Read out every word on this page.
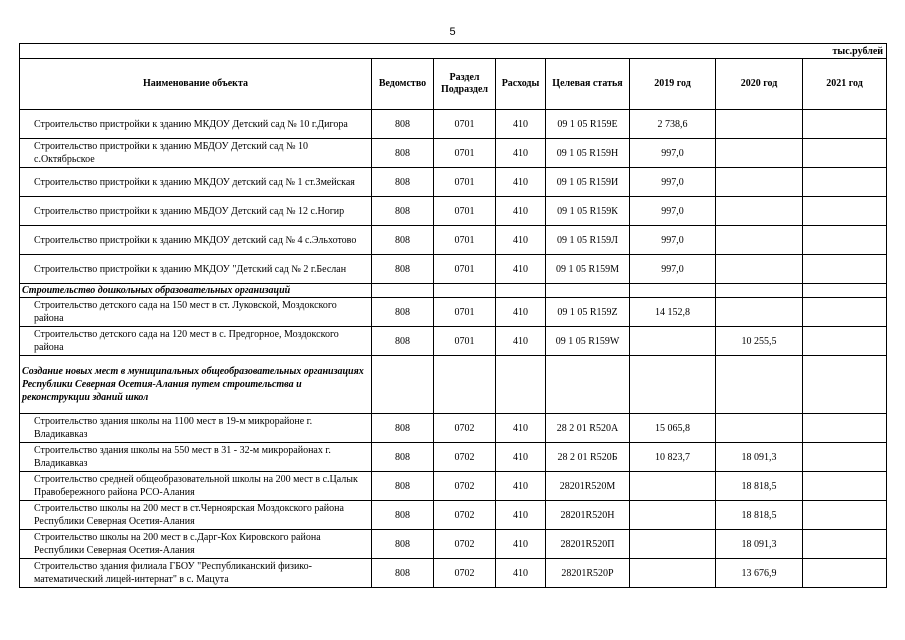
5
тыс.рублей							
Наименование объекта	Ведомство	Раздел Подраздел	Расходы	Целевая статья	2019 год	2020 год	2021 год
Строительство пристройки к зданию МКДОУ Детский сад № 10 г.Дигора	808	0701	410	09 1 05 R159E	2 738,6		
Строительство пристройки к зданию МБДОУ Детский сад № 10 с.Октябрьское	808	0701	410	09 1 05 R159Н	997,0		
Строительство пристройки к зданию МКДОУ детский сад № 1 ст.Змейская	808	0701	410	09 1 05 R159И	997,0		
Строительство пристройки к зданию МБДОУ Детский сад № 12 с.Ногир	808	0701	410	09 1 05 R159К	997,0		
Строительство пристройки к зданию МКДОУ детский сад № 4 с.Эльхотово	808	0701	410	09 1 05 R159Л	997,0		
Строительство пристройки к зданию МКДОУ "Детский сад № 2 г.Беслан	808	0701	410	09 1 05 R159М	997,0		
Строительство дошкольных образовательных организаций							
Строительство детского сада на 150 мест в ст. Луковской, Моздокского района	808	0701	410	09 1 05 R159Z	14 152,8		
Строительство детского сада на 120 мест в с. Предгорное, Моздокского района	808	0701	410	09 1 05 R159W		10 255,5	
Создание новых мест в муниципальных общеобразовательных организациях Республики Северная Осетия-Алания путем строительства и реконструкции зданий школ							
Строительство здания школы на 1100 мест в 19-м микрорайоне г. Владикавказ	808	0702	410	28 2 01 R520А	15 065,8		
Строительство здания школы на 550 мест в 31 - 32-м микрорайонах г. Владикавказ	808	0702	410	28 2 01 R520Б	10 823,7	18 091,3	
Строительство средней общеобразовательной школы на 200 мест в с.Цалык Правобережного района РСО-Алания	808	0702	410	28201R520М		18 818,5	
Строительство школы на 200 мест в ст.Черноярская Моздокского района Республики Северная Осетия-Алания	808	0702	410	28201R520Н		18 818,5	
Строительство школы на 200 мест в с.Дарг-Кох Кировского района Республики Северная Осетия-Алания	808	0702	410	28201R520П		18 091,3	
Строительство здания филиала ГБОУ "Республиканский физико-математический лицей-интернат" в с. Мацута	808	0702	410	28201R520Р		13 676,9	
